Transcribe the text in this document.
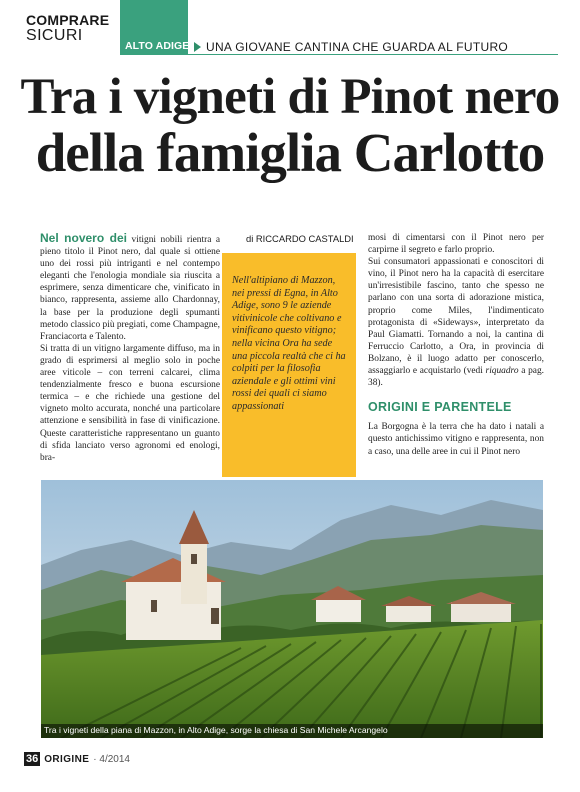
COMPRARE
SICURI
ALTO ADIGE UNA GIOVANE CANTINA CHE GUARDA AL FUTURO
Tra i vigneti di Pinot nero
della famiglia Carlotto

Nel novero dei vitigni nobili rientra a pieno titolo il Pinot nero, dal quale si ottiene uno dei rossi più intriganti e nel contempo eleganti che l'enologia mondiale sia riuscita a esprimere, senza dimenticare che, vinificato in bianco, rappresenta, assieme allo Chardonnay, la base per la produzione degli spumanti metodo classico più pregiati, come Champagne, Franciacorta e Talento.

Si tratta di un vitigno largamente diffuso, ma in grado di esprimersi al meglio solo in poche aree viticole – con terreni calcarei, clima tendenzialmente fresco e buona escursione termica – e che richiede una gestione del vigneto molto accurata, nonché una particolare attenzione e sensibilità in fase di vinificazione. Queste caratteristiche rappresentano un guanto di sfida lanciato verso agronomi ed enologi, bra-

di RICCARDO CASTALDI

Nell'altipiano di Mazzon, nei pressi di Egna, in Alto Adige, sono 9 le aziende vitivinicole che coltivano e vinificano questo vitigno; nella vicina Ora ha sede una piccola realtà che ci ha colpiti per la filosofia aziendale e gli ottimi vini rossi dei quali ci siamo appassionati

mosi di cimentarsi con il Pinot nero per carpirne il segreto e farlo proprio.

Sui consumatori appassionati e conoscitori di vino, il Pinot nero ha la capacità di esercitare un'irresistibile fascino, tanto che spesso ne parlano con una sorta di adorazione mistica, proprio come Miles, l'indimenticato protagonista di «Sideways», interpretato da Paul Giamatti. Tornando a noi, la cantina di Ferruccio Carlotto, a Ora, in provincia di Bolzano, è il luogo adatto per conoscerlo, assaggiarlo e acquistarlo (vedi riquadro a pag. 38).

ORIGINI E PARENTELE

La Borgogna è la terra che ha dato i natali a questo antichissimo vitigno e rappresenta, non a caso, una delle aree in cui il Pinot nero

Tra i vigneti della piana di Mazzon, in Alto Adige, sorge la chiesa di San Michele Arcangelo
36 ORIGINE · 4/2014
